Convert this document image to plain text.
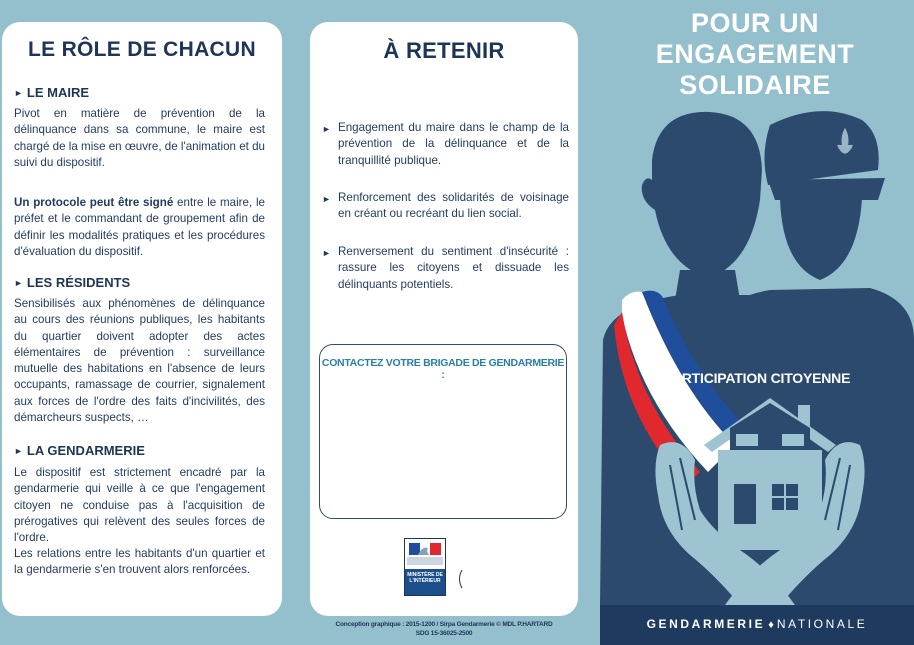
LE RÔLE DE CHACUN
► LE MAIRE
Pivot en matière de prévention de la délinquance dans sa commune, le maire est chargé de la mise en œuvre, de l'animation et du suivi du dispositif.
Un protocole peut être signé entre le maire, le préfet et le commandant de groupement afin de définir les modalités pratiques et les procédures d'évaluation du dispositif.
► LES RÉSIDENTS
Sensibilisés aux phénomènes de délinquance au cours des réunions publiques, les habitants du quartier doivent adopter des actes élémentaires de prévention : surveillance mutuelle des habitations en l'absence de leurs occupants, ramassage de courrier, signalement aux forces de l'ordre des faits d'incivilités, des démarcheurs suspects, …
► LA GENDARMERIE
Le dispositif est strictement encadré par la gendarmerie qui veille à ce que l'engagement citoyen ne conduise pas à l'acquisition de prérogatives qui relèvent des seules forces de l'ordre.
Les relations entre les habitants d'un quartier et la gendarmerie s'en trouvent alors renforcées.
À RETENIR
► Engagement du maire dans le champ de la prévention de la délinquance et de la tranquillité publique.
► Renforcement des solidarités de voisinage en créant ou recréant du lien social.
► Renversement du sentiment d'insécurité : rassure les citoyens et dissuade les délinquants potentiels.
CONTACTEZ VOTRE BRIGADE DE GENDARMERIE :
MINISTÈRE DE L'INTÉRIEUR
Conception graphique : 2015-1200 / Sirpa Gendarmerie © MDL P.HARTARD
SDG 15-36025-2500
POUR UN
ENGAGEMENT
SOLIDAIRE
PARTICIPATION CITOYENNE
GENDARMERIE ♦ NATIONALE
